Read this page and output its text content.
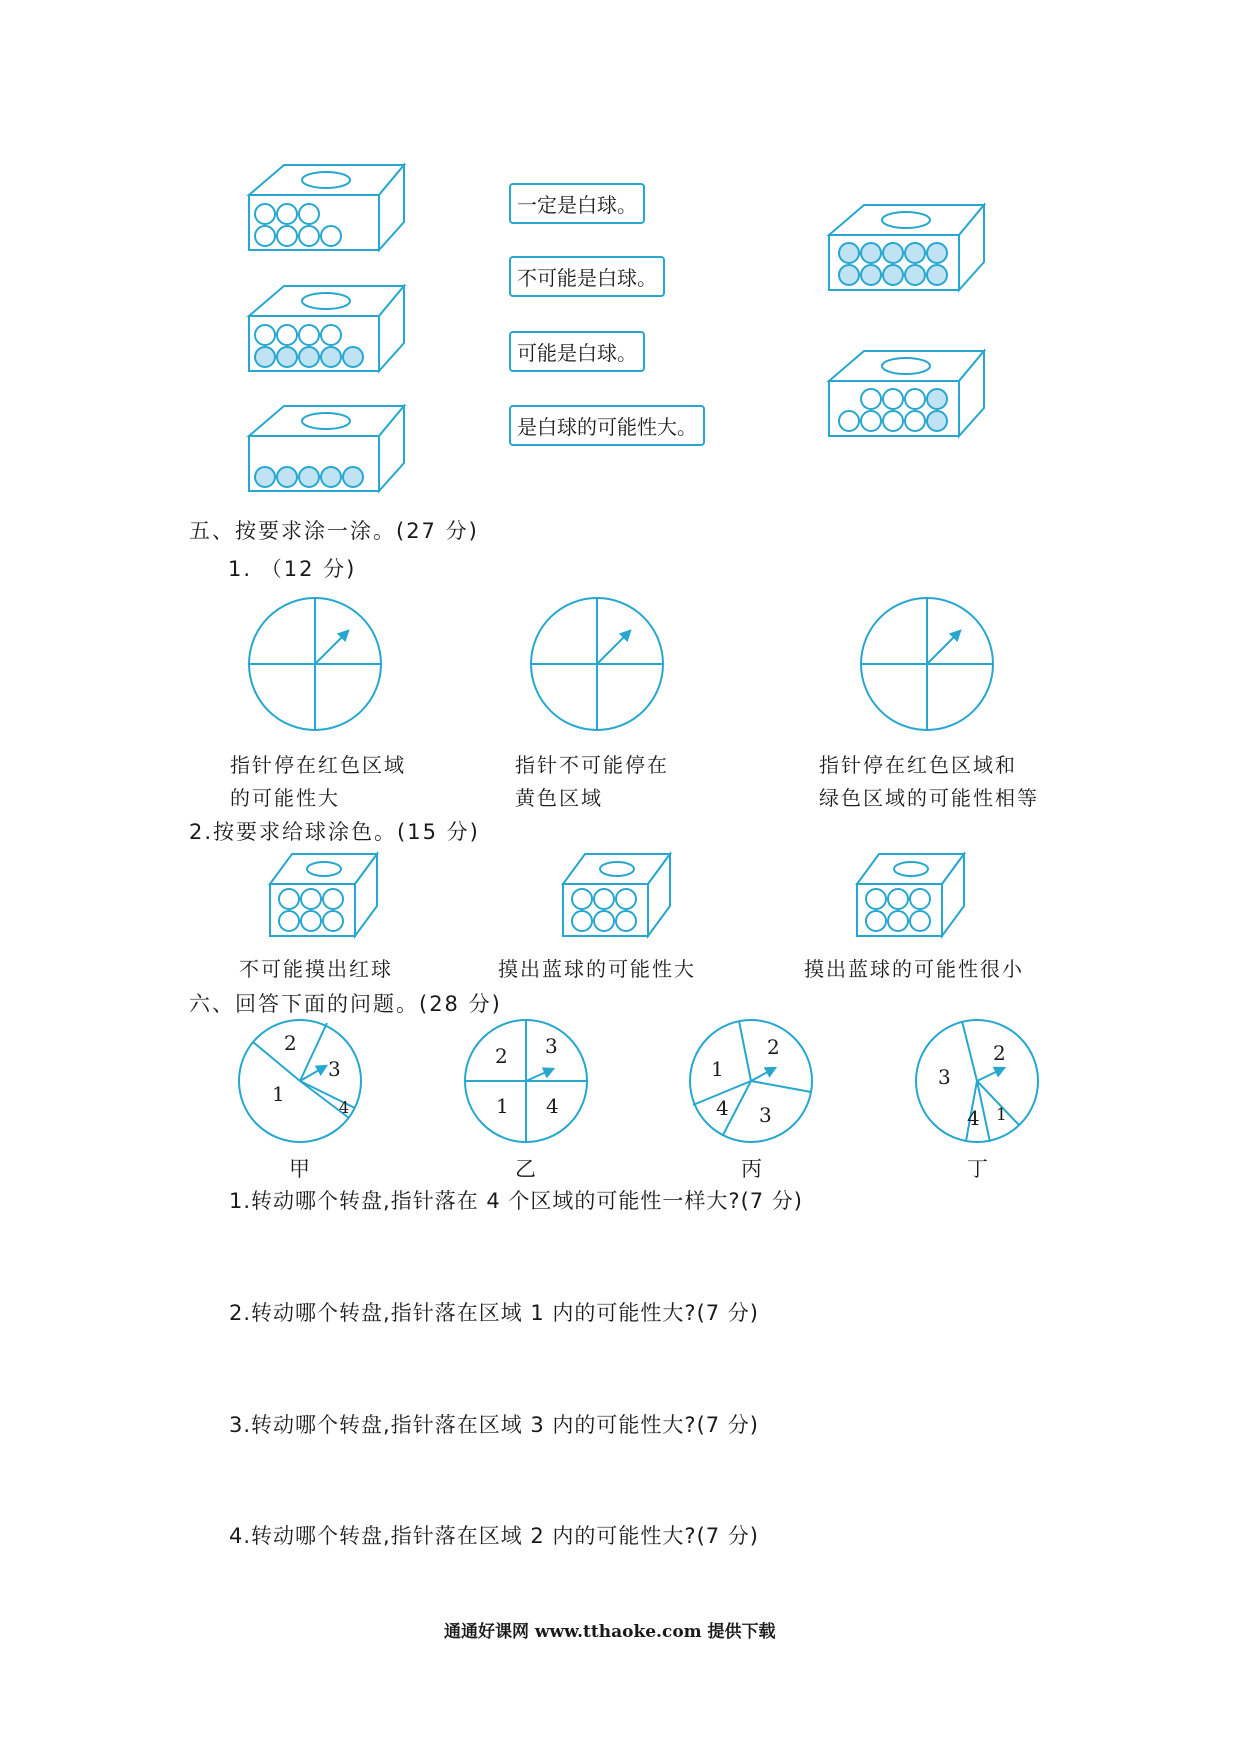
2
3
1
4
2 3
1 4
1
2
3
4
3
2
4 1
一定是白球。
不可能是白球。
可能是白球。
是白球的可能性大。
五、按要求涂一涂。(27 分)
1. （12 分)
指针停在红色区域
的可能性大
指针不可能停在
黄色区域
指针停在红色区域和
绿色区域的可能性相等
2.按要求给球涂色。(15 分)
不可能摸出红球	摸出蓝球的可能性大	摸出蓝球的可能性很小
六、回答下面的问题。(28 分)
甲	乙	丙	丁
1.转动哪个转盘,指针落在 4 个区域的可能性一样大?(7 分)
2.转动哪个转盘,指针落在区域 1 内的可能性大?(7 分)
3.转动哪个转盘,指针落在区域 3 内的可能性大?(7 分)
4.转动哪个转盘,指针落在区域 2 内的可能性大?(7 分)
通通好课网 www.tthaoke.com 提供下载
